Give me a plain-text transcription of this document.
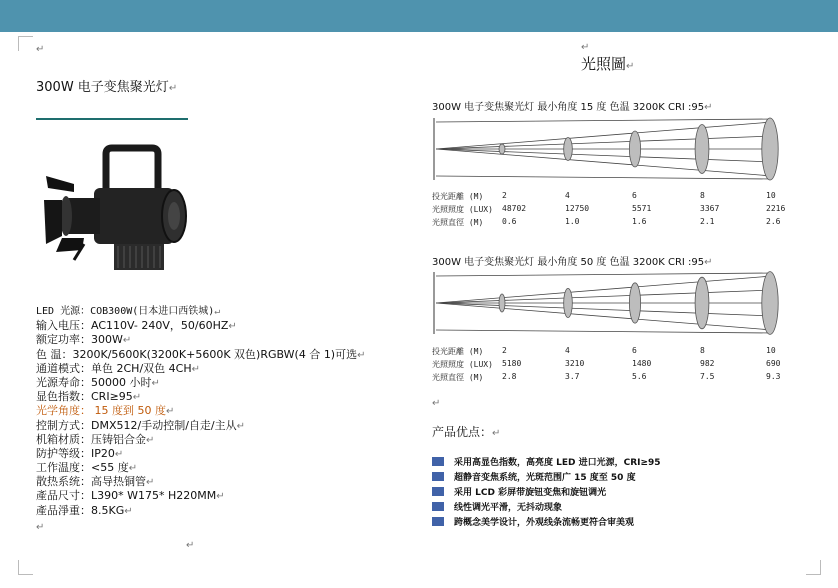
300W 电子变焦聚光灯↵
↵
LED 光源：COB300W(日本进口西铁城)↵
输入电压：AC110V- 240V，50/60HZ↵
额定功率：300W↵
色 温：3200K/5600K(3200K+5600K 双色)RGBW(4 合 1)可选↵
通道模式：单色 2CH/双色 4CH↵
光源寿命：50000 小时↵
显色指数：CRI≥95↵
光学角度： 15 度到 50 度↵
控制方式：DMX512/手动控制/自走/主从↵
机箱材质：压铸铝合金↵
防护等级：IP20↵
工作温度：<55 度↵
散热系统：高导热铜管↵
產品尺寸：L390* W175* H220MM↵
產品淨重：8.5KG↵
↵
↵
↵
光照圖↵
300W 电子变焦聚光灯 最小角度 15 度 色温 3200K CRI :95↵
投光距離 (M) 2	4	6	8	10
光照照度 (LUX) 48702	12750	5571	3367	2216
光照直徑 (M) 0.6	1.0	1.6	2.1	2.6
300W 电子变焦聚光灯 最小角度 50 度 色温 3200K CRI :95↵
投光距離 (M) 2	4	6	8	10
光照照度 (LUX) 5180	3210	1480	982	690
光照直徑 (M) 2.8	3.7	5.6	7.5	9.3
↵
产品优点：↵
采用高显色指数，高亮度 LED 进口光源，CRI≥95
超静音变焦系统，光斑范围广 15 度至 50 度
采用 LCD 彩屏带旋钮变焦和旋钮调光
线性调光平滑，无抖动现象
跨概念美学设计，外观线条流畅更符合审美观
